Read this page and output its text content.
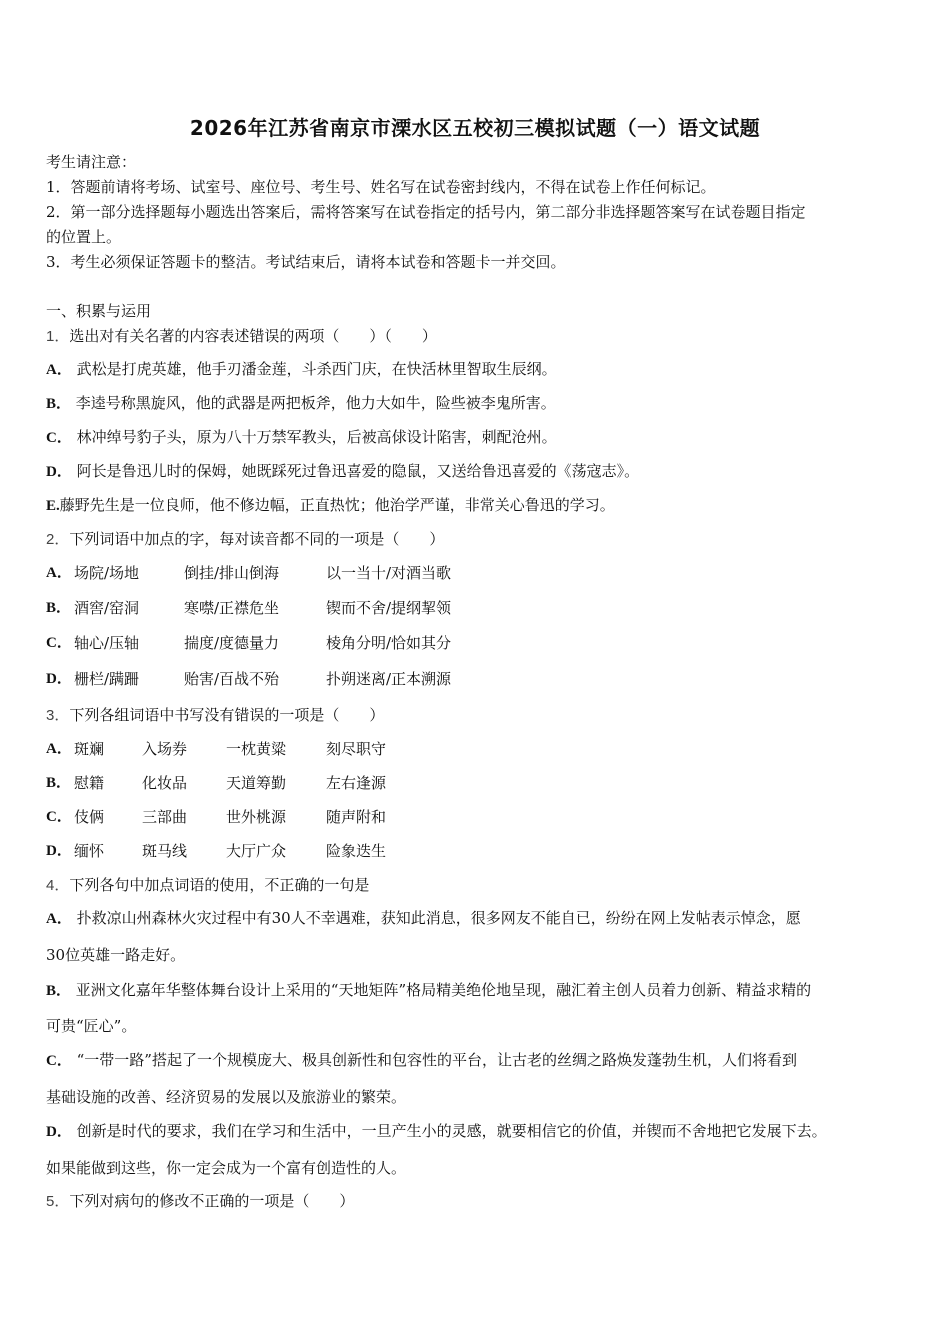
2026年江苏省南京市溧水区五校初三模拟试题（一）语文试题
考生请注意：
1．答题前请将考场、试室号、座位号、考生号、姓名写在试卷密封线内，不得在试卷上作任何标记。
2．第一部分选择题每小题选出答案后，需将答案写在试卷指定的括号内，第二部分非选择题答案写在试卷题目指定
的位置上。
3．考生必须保证答题卡的整洁。考试结束后，请将本试卷和答题卡一并交回。
一、积累与运用
1．选出对有关名著的内容表述错误的两项（　　）（　　）
A． 武松是打虎英雄，他手刃潘金莲，斗杀西门庆，在快活林里智取生辰纲。
B． 李逵号称黑旋风，他的武器是两把板斧，他力大如牛，险些被李鬼所害。
C． 林冲绰号豹子头，原为八十万禁军教头，后被高俅设计陷害，刺配沧州。
D． 阿长是鲁迅儿时的保姆，她既踩死过鲁迅喜爱的隐鼠，又送给鲁迅喜爱的《荡寇志》。
E.藤野先生是一位良师，他不修边幅，正直热忱；他治学严谨，非常关心鲁迅的学习。
2．下列词语中加点的字，每对读音都不同的一项是（　　）
A． 场院/场地	倒挂/排山倒海	以一当十/对酒当歌
B． 酒窖/窑洞	寒噤/正襟危坐	锲而不舍/提纲挈领
C． 轴心/压轴	揣度/度德量力	棱角分明/恰如其分
D． 栅栏/蹒跚	贻害/百战不殆	扑朔迷离/正本溯源
3．下列各组词语中书写没有错误的一项是（　　）
A． 斑斓	入场券	一枕黄粱	刻尽职守
B． 慰籍	化妆品	天道筹勤	左右逢源
C． 伎俩	三部曲	世外桃源	随声附和
D． 缅怀	斑马线	大厅广众	险象迭生
4．下列各句中加点词语的使用，不正确的一句是
A． 扑救凉山州森林火灾过程中有30人不幸遇难，获知此消息，很多网友不能自已，纷纷在网上发帖表示悼念，愿
30位英雄一路走好。
B． 亚洲文化嘉年华整体舞台设计上采用的“天地矩阵”格局精美绝伦地呈现，融汇着主创人员着力创新、精益求精的
可贵“匠心”。
C． “一带一路”搭起了一个规模庞大、极具创新性和包容性的平台，让古老的丝绸之路焕发蓬勃生机，人们将看到
基础设施的改善、经济贸易的发展以及旅游业的繁荣。
D． 创新是时代的要求，我们在学习和生活中，一旦产生小的灵感，就要相信它的价值，并锲而不舍地把它发展下去。
如果能做到这些，你一定会成为一个富有创造性的人。
5．下列对病句的修改不正确的一项是（　　）
